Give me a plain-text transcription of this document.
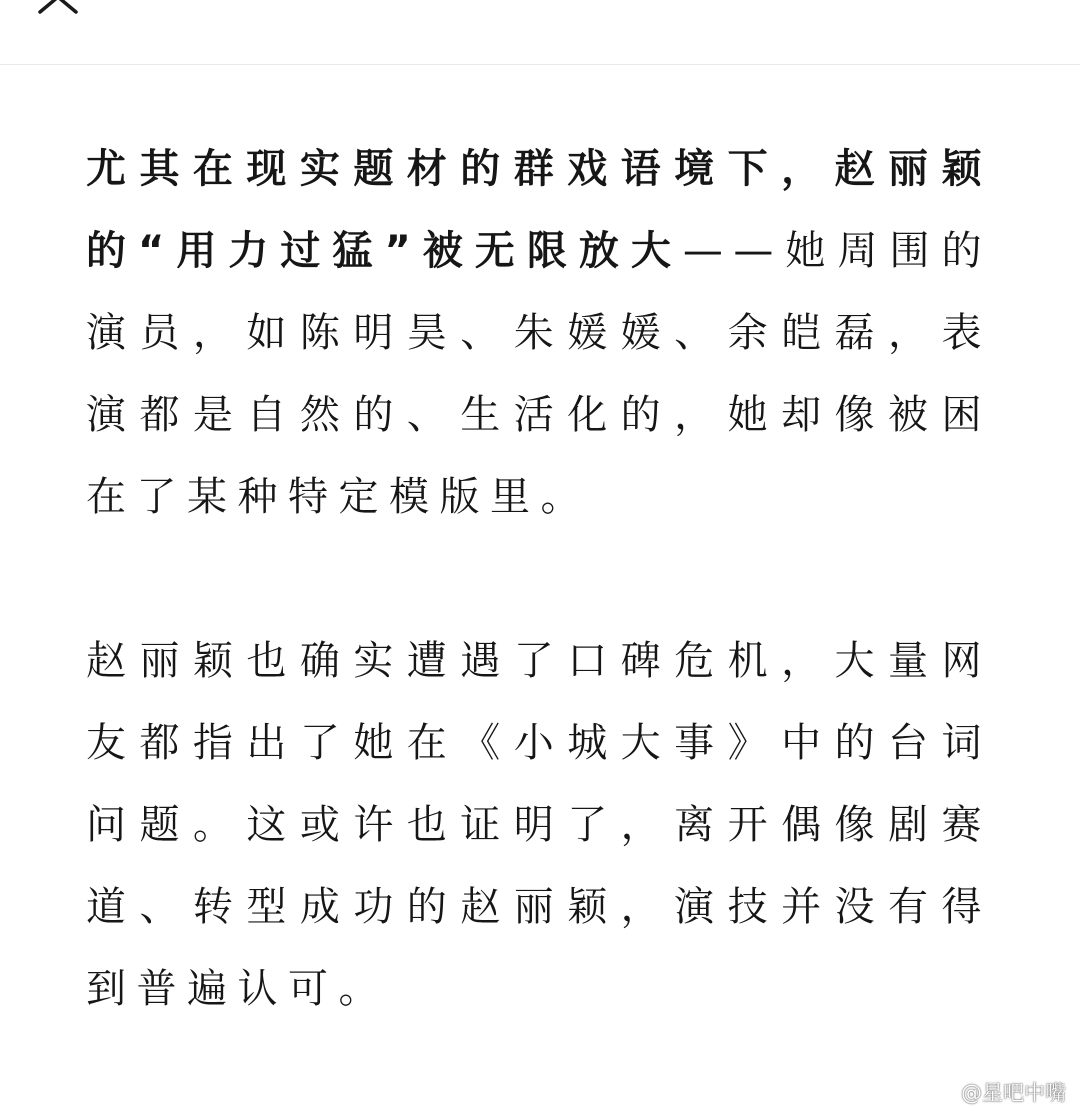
尤其在现实题材的群戏语境下，赵丽颖的“用力过猛”被无限放大——她周围的演员，如陈明昊、朱媛媛、余皑磊，表演都是自然的、生活化的，她却像被困在了某种特定模版里。

赵丽颖也确实遭遇了口碑危机，大量网友都指出了她在《小城大事》中的台词问题。这或许也证明了，离开偶像剧赛道、转型成功的赵丽颖，演技并没有得到普遍认可。

@星吧中嘴
